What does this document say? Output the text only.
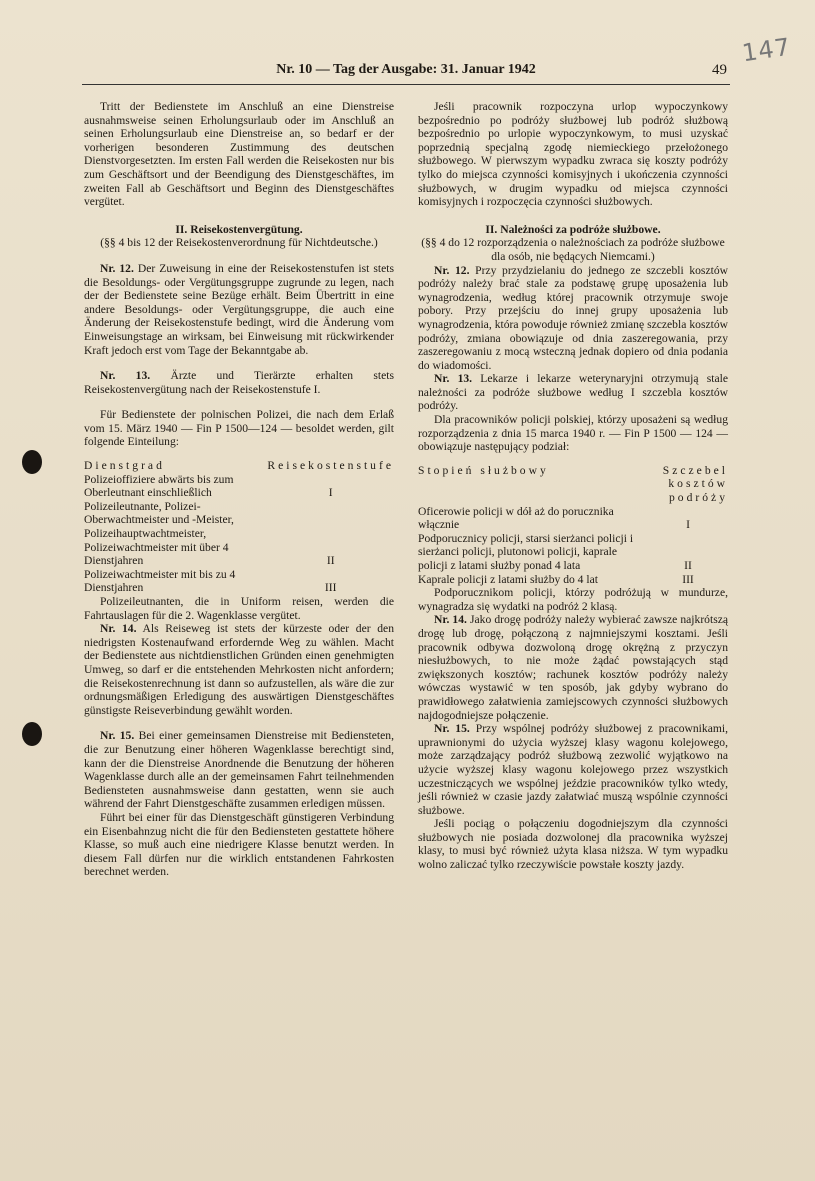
147
Nr. 10 — Tag der Ausgabe: 31. Januar 1942	49

Tritt der Bedienstete im Anschluß an eine Dienstreise ausnahmsweise seinen Erholungsurlaub oder im Anschluß an seinen Erholungsurlaub eine Dienstreise an, so bedarf er der vorherigen besonderen Zustimmung des deutschen Dienstvorgesetzten. Im ersten Fall werden die Reisekosten nur bis zum Geschäftsort und der Beendigung des Dienstgeschäftes, im zweiten Fall ab Geschäftsort und Beginn des Dienstgeschäftes vergütet.

II. Reisekostenvergütung.

(§§ 4 bis 12 der Reisekostenverordnung für Nichtdeutsche.)

Nr. 12. Der Zuweisung in eine der Reisekostenstufen ist stets die Besoldungs- oder Vergütungsgruppe zugrunde zu legen, nach der der Bedienstete seine Bezüge erhält. Beim Übertritt in eine andere Besoldungs- oder Vergütungsgruppe, die auch eine Änderung der Reisekostenstufe bedingt, wird die Änderung vom Einweisungstage an wirksam, bei Einweisung mit rückwirkender Kraft jedoch erst vom Tage der Bekanntgabe ab.

Nr. 13. Ärzte und Tierärzte erhalten stets Reisekostenvergütung nach der Reisekostenstufe I.

Für Bedienstete der polnischen Polizei, die nach dem Erlaß vom 15. März 1940 — Fin P 1500—124 — besoldet werden, gilt folgende Einteilung:

Dienstgrad	Reisekostenstufe
Polizeioffiziere abwärts bis zum Oberleutnant einschließlich	I
Polizeileutnante, Polizei-Oberwachtmeister und -Meister, Polizeihauptwachtmeister, Polizeiwachtmeister mit über 4 Dienstjahren	II
Polizeiwachtmeister mit bis zu 4 Dienstjahren	III

Polizeileutnanten, die in Uniform reisen, werden die Fahrtauslagen für die 2. Wagenklasse vergütet.

Nr. 14. Als Reiseweg ist stets der kürzeste oder der den niedrigsten Kostenaufwand erfordernde Weg zu wählen. Macht der Bedienstete aus nichtdienstlichen Gründen einen genehmigten Umweg, so darf er die entstehenden Mehrkosten nicht anfordern; die Reisekostenrechnung ist dann so aufzustellen, als wäre die zur ordnungsmäßigen Erledigung des auswärtigen Dienstgeschäftes günstigste Reiseverbindung gewählt worden.

Nr. 15. Bei einer gemeinsamen Dienstreise mit Bediensteten, die zur Benutzung einer höheren Wagenklasse berechtigt sind, kann der die Dienstreise Anordnende die Benutzung der höheren Wagenklasse durch alle an der gemeinsamen Fahrt teilnehmenden Bediensteten ausnahmsweise dann gestatten, wenn sie auch während der Fahrt Dienstgeschäfte zusammen erledigen müssen.

Führt bei einer für das Dienstgeschäft günstigeren Verbindung ein Eisenbahnzug nicht die für den Bediensteten gestattete höhere Klasse, so muß auch eine niedrigere Klasse benutzt werden. In diesem Fall dürfen nur die wirklich entstandenen Fahrkosten berechnet werden.

Jeśli pracownik rozpoczyna urlop wypoczynkowy bezpośrednio po podróży służbowej lub podróż służbową bezpośrednio po urlopie wypoczynkowym, to musi uzyskać poprzednią specjalną zgodę niemieckiego przełożonego służbowego. W pierwszym wypadku zwraca się koszty podróży tylko do miejsca czynności komisyjnych i ukończenia czynności służbowych, w drugim wypadku od miejsca czynności komisyjnych i rozpoczęcia czynności służbowych.

II. Należności za podróże służbowe.

(§§ 4 do 12 rozporządzenia o należnościach za podróże służbowe dla osób, nie będących Niemcami.)

Nr. 12. Przy przydzielaniu do jednego ze szczebli kosztów podróży należy brać stale za podstawę grupę uposażenia lub wynagrodzenia, według której pracownik otrzymuje swoje pobory. Przy przejściu do innej grupy uposażenia lub wynagrodzenia, która powoduje również zmianę szczebla kosztów podróży, zmiana obowiązuje od dnia zaszeregowania, przy zaszeregowaniu z mocą wsteczną jednak dopiero od dnia podania do wiadomości.

Nr. 13. Lekarze i lekarze weterynaryjni otrzymują stale należności za podróże służbowe według I szczebla kosztów podróży.

Dla pracowników policji polskiej, którzy uposażeni są według rozporządzenia z dnia 15 marca 1940 r. — Fin P 1500 — 124 — obowiązuje następujący podział:

Stopień służbowy	Szczebel kosztów podróży
Oficerowie policji w dół aż do porucznika włącznie	I
Podporucznicy policji, starsi sierżanci policji i sierżanci policji, plutonowi policji, kaprale policji z latami służby ponad 4 lata	II
Kaprale policji z latami służby do 4 lat	III

Podporucznikom policji, którzy podróżują w mundurze, wynagradza się wydatki na podróż 2 klasą.

Nr. 14. Jako drogę podróży należy wybierać zawsze najkrótszą drogę lub drogę, połączoną z najmniejszymi kosztami. Jeśli pracownik odbywa dozwoloną drogę okrężną z przyczyn niesłużbowych, to nie może żądać powstających stąd zwiększonych kosztów; rachunek kosztów podróży należy wówczas wystawić w ten sposób, jak gdyby wybrano do prawidłowego załatwienia zamiejscowych czynności służbowych najdogodniejsze połączenie.

Nr. 15. Przy wspólnej podróży służbowej z pracownikami, uprawnionymi do użycia wyższej klasy wagonu kolejowego, może zarządzający podróż służbową zezwolić wyjątkowo na użycie wyższej klasy wagonu kolejowego przez wszystkich uczestniczących we wspólnej jeździe pracowników tylko wtedy, jeśli również w czasie jazdy załatwiać muszą wspólnie czynności służbowe.

Jeśli pociąg o połączeniu dogodniejszym dla czynności służbowych nie posiada dozwolonej dla pracownika wyższej klasy, to musi być również użyta klasa niższa. W tym wypadku wolno zaliczać tylko rzeczywiście powstałe koszty jazdy.
